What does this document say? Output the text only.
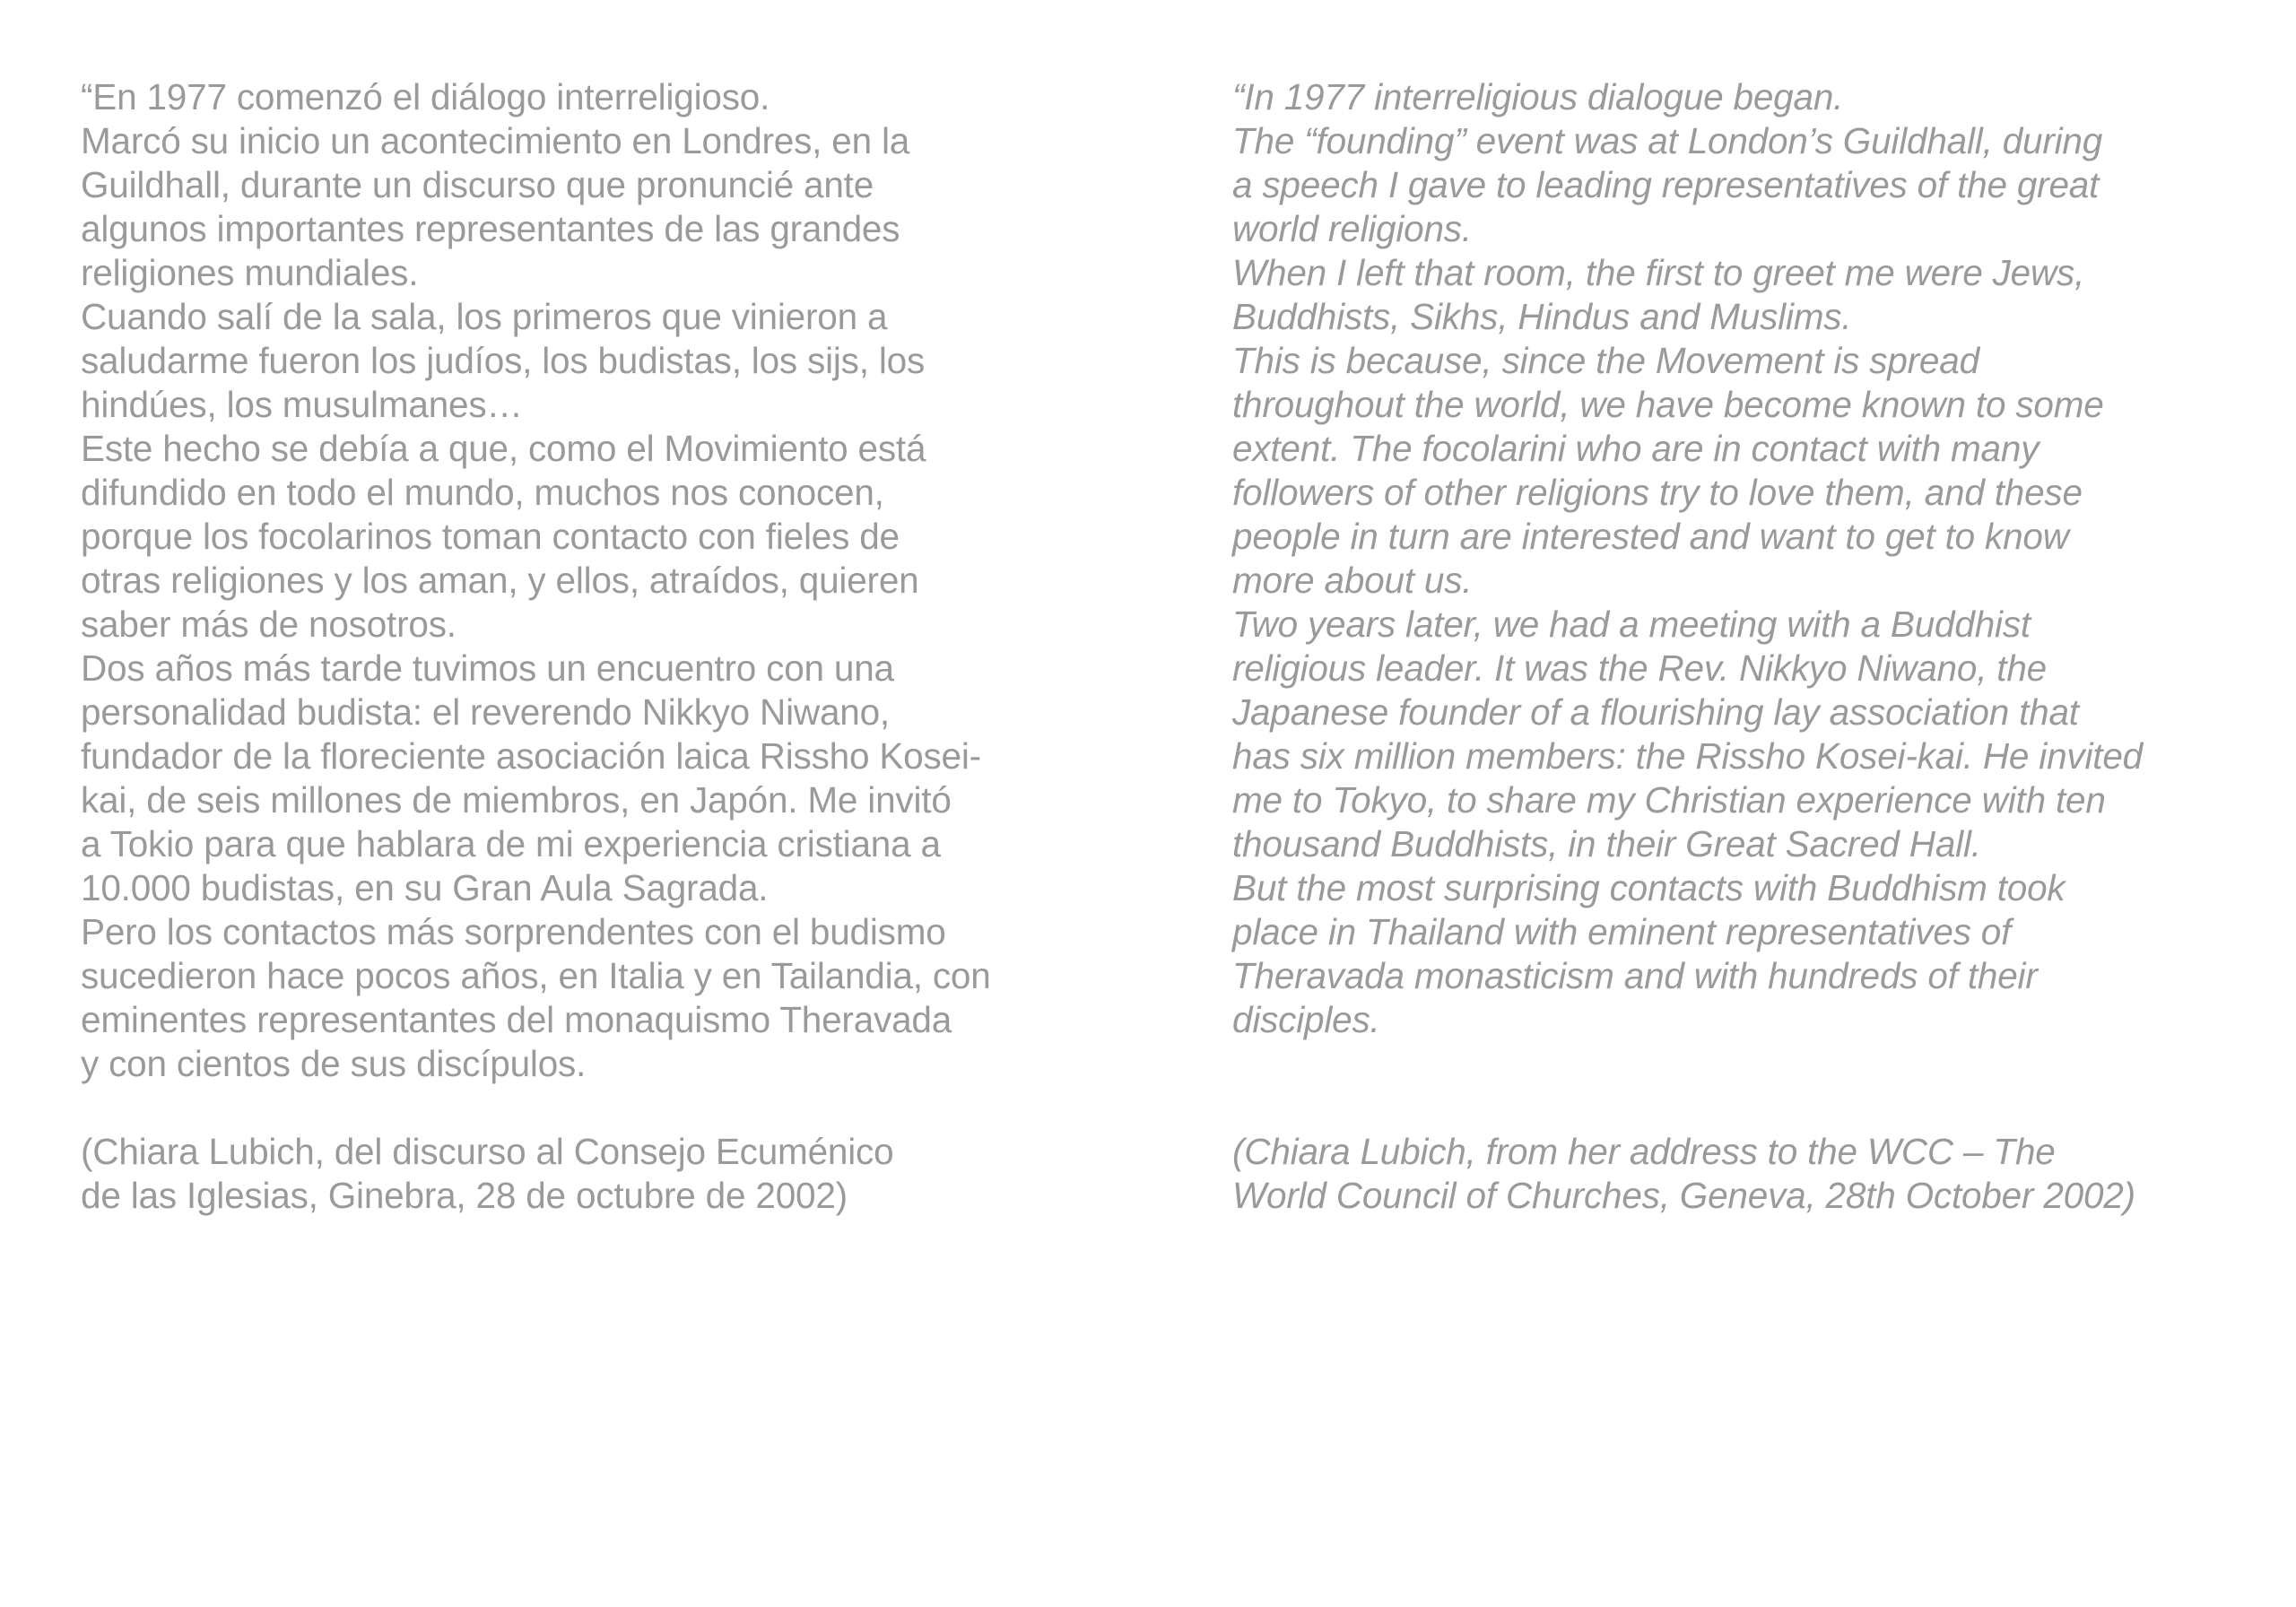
“En 1977 comenzó el diálogo interreligioso.
Marcó su inicio un acontecimiento en Londres, en la
Guildhall, durante un discurso que pronuncié ante
algunos importantes representantes de las grandes
religiones mundiales.
Cuando salí de la sala, los primeros que vinieron a
saludarme fueron los judíos, los budistas, los sijs, los
hindúes, los musulmanes…
Este hecho se debía a que, como el Movimiento está
difundido en todo el mundo, muchos nos conocen,
porque los focolarinos toman contacto con fieles de
otras religiones y los aman, y ellos, atraídos, quieren
saber más de nosotros.
Dos años más tarde tuvimos un encuentro con una
personalidad budista: el reverendo Nikkyo Niwano,
fundador de la floreciente asociación laica Rissho Kosei-
kai, de seis millones de miembros, en Japón. Me invitó
a Tokio para que hablara de mi experiencia cristiana a
10.000 budistas, en su Gran Aula Sagrada.
Pero los contactos más sorprendentes con el budismo
sucedieron hace pocos años, en Italia y en Tailandia, con
eminentes representantes del monaquismo Theravada
y con cientos de sus discípulos.
(Chiara Lubich, del discurso al Consejo Ecuménico
de las Iglesias, Ginebra, 28 de octubre de 2002)
“In 1977 interreligious dialogue began.
The “founding” event was at London’s Guildhall, during
a speech I gave to leading representatives of the great
world religions.
When I left that room, the first to greet me were Jews,
Buddhists, Sikhs, Hindus and Muslims.
This is because, since the Movement is spread
throughout the world, we have become known to some
extent. The focolarini who are in contact with many
followers of other religions try to love them, and these
people in turn are interested and want to get to know
more about us.
Two years later, we had a meeting with a Buddhist
religious leader. It was the Rev. Nikkyo Niwano, the
Japanese founder of a flourishing lay association that
has six million members: the Rissho Kosei-kai. He invited
me to Tokyo, to share my Christian experience with ten
thousand Buddhists, in their Great Sacred Hall.
But the most surprising contacts with Buddhism took
place in Thailand with eminent representatives of
Theravada monasticism and with hundreds of their
disciples.
(Chiara Lubich, from her address to the WCC – The
World Council of Churches, Geneva, 28th October 2002)
